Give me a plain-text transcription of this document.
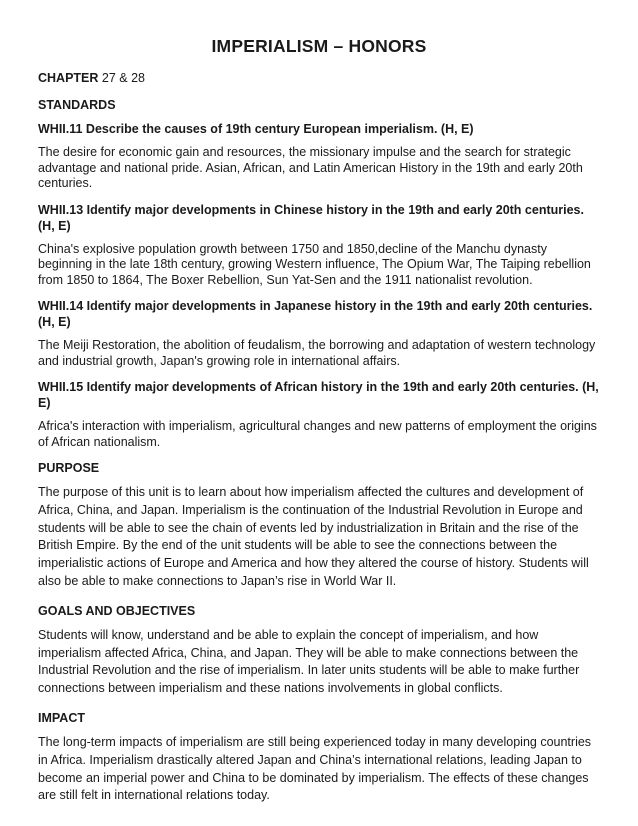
IMPERIALISM – HONORS
CHAPTER 27 & 28
STANDARDS
WHII.11 Describe the causes of 19th century European imperialism. (H, E)
The desire for economic gain and resources, the missionary impulse and the search for strategic advantage and national pride. Asian, African, and Latin American History in the 19th and early 20th centuries.
WHII.13 Identify major developments in Chinese history in the 19th and early 20th centuries. (H, E)
China's explosive population growth between 1750 and 1850,decline of the Manchu dynasty beginning in the late 18th century, growing Western influence, The Opium War, The Taiping rebellion from 1850 to 1864, The Boxer Rebellion, Sun Yat-Sen and the 1911 nationalist revolution.
WHII.14 Identify major developments in Japanese history in the 19th and early 20th centuries. (H, E)
The Meiji Restoration, the abolition of feudalism, the borrowing and adaptation of western technology and industrial growth, Japan's growing role in international affairs.
WHII.15 Identify major developments of African history in the 19th and early 20th centuries. (H, E)
Africa's interaction with imperialism, agricultural changes and new patterns of employment the origins of African nationalism.
PURPOSE
The purpose of this unit is to learn about how imperialism affected the cultures and development of Africa, China, and Japan. Imperialism is the continuation of the Industrial Revolution in Europe and students will be able to see the chain of events led by industrialization in Britain and the rise of the British Empire. By the end of the unit students will be able to see the connections between the imperialistic actions of Europe and America and how they altered the course of history. Students will also be able to make connections to Japan’s rise in World War II.
GOALS AND OBJECTIVES
Students will know, understand and be able to explain the concept of imperialism, and how imperialism affected Africa, China, and Japan. They will be able to make connections between the Industrial Revolution and the rise of imperialism. In later units students will be able to make further connections between imperialism and these nations involvements in global conflicts.
IMPACT
The long-term impacts of imperialism are still being experienced today in many developing countries in Africa. Imperialism drastically altered Japan and China’s international relations, leading Japan to become an imperial power and China to be dominated by imperialism. The effects of these changes are still felt in international relations today.
